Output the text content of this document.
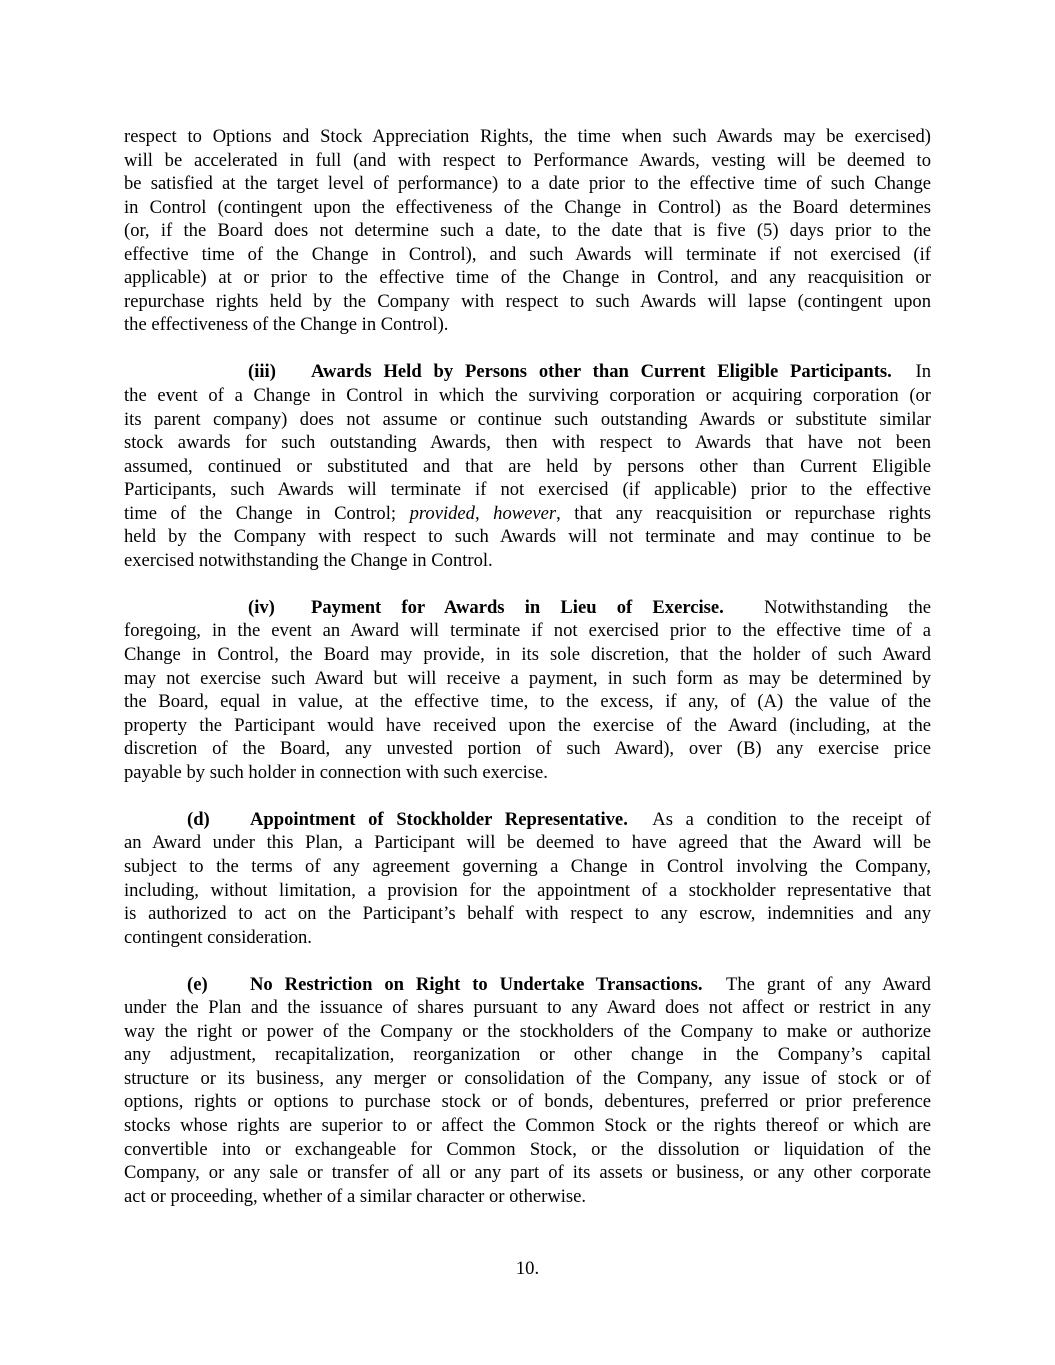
respect to Options and Stock Appreciation Rights, the time when such Awards may be exercised)
will be accelerated in full (and with respect to Performance Awards, vesting will be deemed to
be satisfied at the target level of performance) to a date prior to the effective time of such Change
in Control (contingent upon the effectiveness of the Change in Control) as the Board determines
(or, if the Board does not determine such a date, to the date that is five (5) days prior to the
effective time of the Change in Control), and such Awards will terminate if not exercised (if
applicable) at or prior to the effective time of the Change in Control, and any reacquisition or
repurchase rights held by the Company with respect to such Awards will lapse (contingent upon
the effectiveness of the Change in Control).
(iii) Awards Held by Persons other than Current Eligible Participants.  In
the event of a Change in Control in which the surviving corporation or acquiring corporation (or
its parent company) does not assume or continue such outstanding Awards or substitute similar
stock awards for such outstanding Awards, then with respect to Awards that have not been
assumed, continued or substituted and that are held by persons other than Current Eligible
Participants, such Awards will terminate if not exercised (if applicable) prior to the effective
time of the Change in Control; provided, however, that any reacquisition or repurchase rights
held by the Company with respect to such Awards will not terminate and may continue to be
exercised notwithstanding the Change in Control.
(iv) Payment for Awards in Lieu of Exercise.  Notwithstanding the
foregoing, in the event an Award will terminate if not exercised prior to the effective time of a
Change in Control, the Board may provide, in its sole discretion, that the holder of such Award
may not exercise such Award but will receive a payment, in such form as may be determined by
the Board, equal in value, at the effective time, to the excess, if any, of (A) the value of the
property the Participant would have received upon the exercise of the Award (including, at the
discretion of the Board, any unvested portion of such Award), over (B) any exercise price
payable by such holder in connection with such exercise.
(d) Appointment of Stockholder Representative.  As a condition to the receipt of
an Award under this Plan, a Participant will be deemed to have agreed that the Award will be
subject to the terms of any agreement governing a Change in Control involving the Company,
including, without limitation, a provision for the appointment of a stockholder representative that
is authorized to act on the Participant’s behalf with respect to any escrow, indemnities and any
contingent consideration.
(e) No Restriction on Right to Undertake Transactions.  The grant of any Award
under the Plan and the issuance of shares pursuant to any Award does not affect or restrict in any
way the right or power of the Company or the stockholders of the Company to make or authorize
any adjustment, recapitalization, reorganization or other change in the Company’s capital
structure or its business, any merger or consolidation of the Company, any issue of stock or of
options, rights or options to purchase stock or of bonds, debentures, preferred or prior preference
stocks whose rights are superior to or affect the Common Stock or the rights thereof or which are
convertible into or exchangeable for Common Stock, or the dissolution or liquidation of the
Company, or any sale or transfer of all or any part of its assets or business, or any other corporate
act or proceeding, whether of a similar character or otherwise.
10.
